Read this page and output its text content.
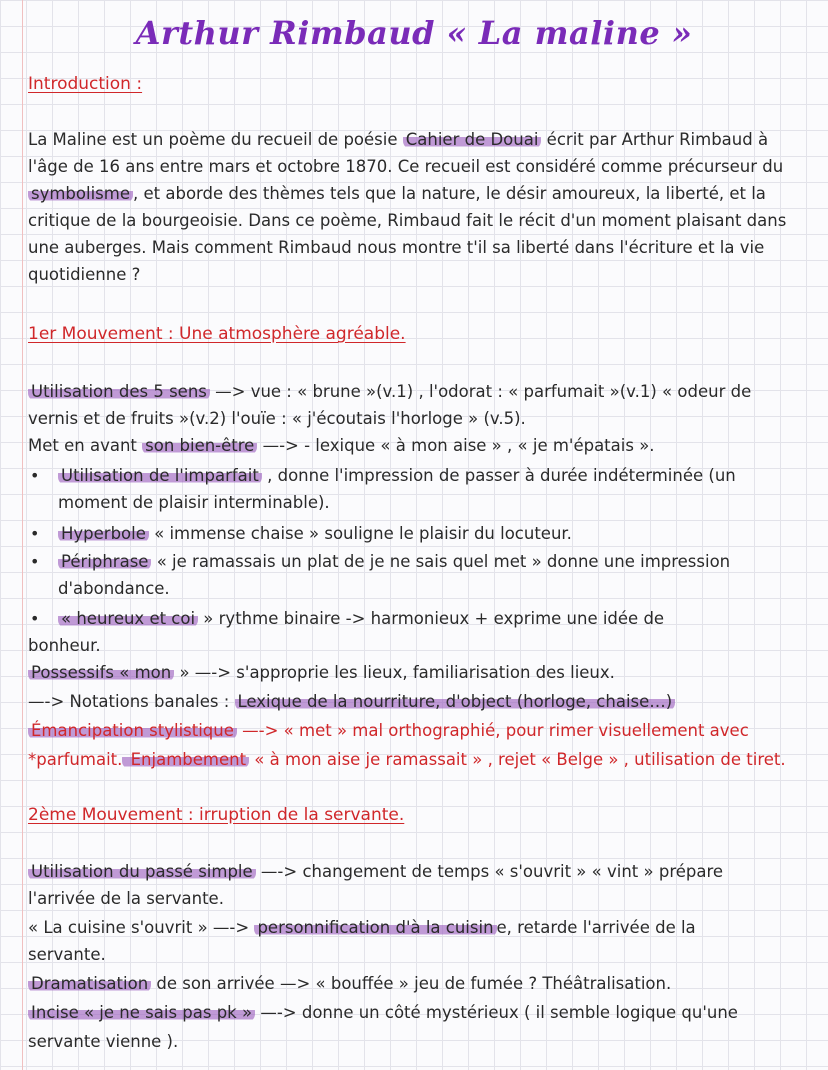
Arthur Rimbaud « La maline »
Introduction :
La Maline est un poème du recueil de poésie Cahier de Douai écrit par Arthur Rimbaud à l'âge de 16 ans entre mars et octobre 1870. Ce recueil est considéré comme précurseur du symbolisme , et aborde des thèmes tels que la nature, le désir amoureux, la liberté, et la critique de la bourgeoisie. Dans ce poème, Rimbaud fait le récit d'un moment plaisant dans une auberges. Mais comment Rimbaud nous montre t'il sa liberté dans l'écriture et la vie quotidienne ?
1er Mouvement : Une atmosphère agréable.
Utilisation des 5 sens —> vue : « brune »(v.1) , l'odorat : « parfumait »(v.1) « odeur de
vernis et de fruits »(v.2) l'ouïe : « j'écoutais l'horloge » (v.5).
Met en avant son bien-être —-> - lexique « à mon aise » , « je m'épatais ».
• Utilisation de l'imparfait , donne l'impression de passer à durée indéterminée (un
moment de plaisir interminable).
• Hyperbole « immense chaise » souligne le plaisir du locuteur.
• Périphrase « je ramassais un plat de je ne sais quel met » donne une impression
d'abondance.
• « heureux et coi » rythme binaire -> harmonieux + exprime une idée de
bonheur.
Possessifs « mon » —-> s'approprie les lieux, familiarisation des lieux.
—-> Notations banales : Lexique de la nourriture, d'object (horloge, chaise…)
Émancipation stylistique —-> « met » mal orthographié, pour rimer visuellement avec
*parfumait. Enjambement « à mon aise je ramassait » , rejet « Belge » , utilisation de tiret.
2ème Mouvement : irruption de la servante.
Utilisation du passé simple —-> changement de temps « s'ouvrit » « vint » prépare
l'arrivée de la servante.
« La cuisine s'ouvrit » —-> personnification d'à la cuisin e, retarde l'arrivée de la
servante.
Dramatisation de son arrivée —> « bouffée » jeu de fumée ? Théâtralisation.
Incise « je ne sais pas pk » —-> donne un côté mystérieux ( il semble logique qu'une
servante vienne ).
